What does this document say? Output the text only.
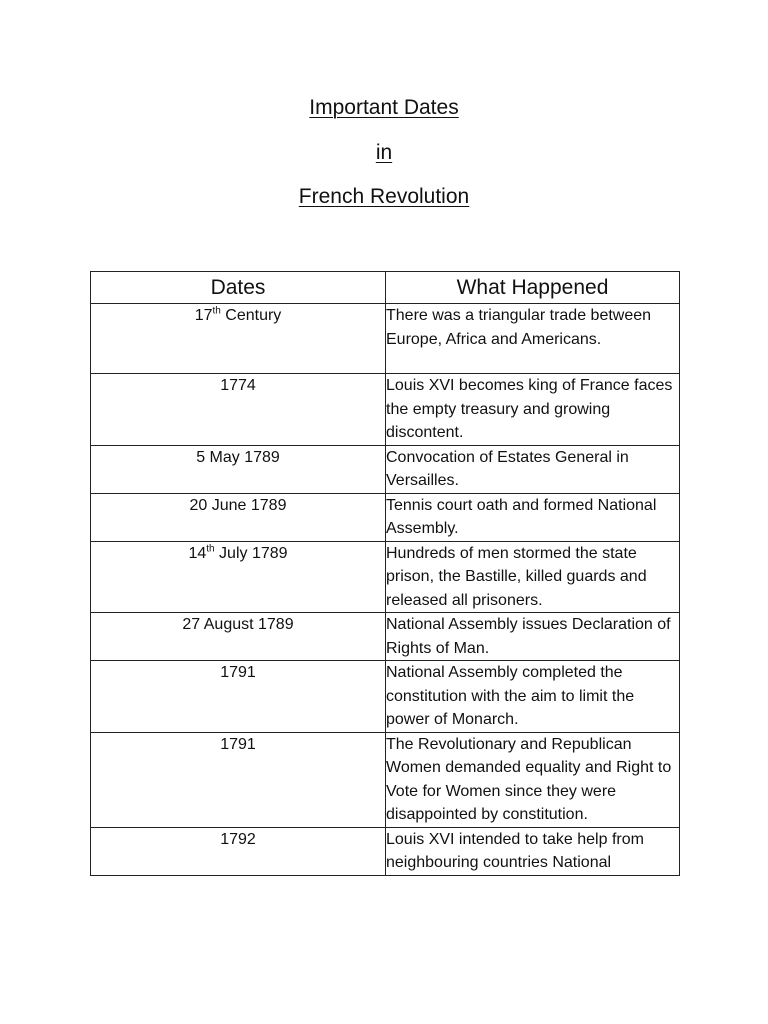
Important Dates
in
French Revolution
Dates	What Happened
17th Century	There was a triangular trade between Europe, Africa and Americans.
1774	Louis XVI becomes king of France faces the empty treasury and growing discontent.
5 May 1789	Convocation of Estates General in Versailles.
20 June 1789	Tennis court oath and formed National Assembly.
14th July 1789	Hundreds of men stormed the state prison, the Bastille, killed guards and released all prisoners.
27 August 1789	National Assembly issues Declaration of Rights of Man.
1791	National Assembly completed the constitution with the aim to limit the power of Monarch.
1791	The Revolutionary and Republican Women demanded equality and Right to Vote for Women since they were disappointed by constitution.
1792	Louis XVI intended to take help from neighbouring countries National
